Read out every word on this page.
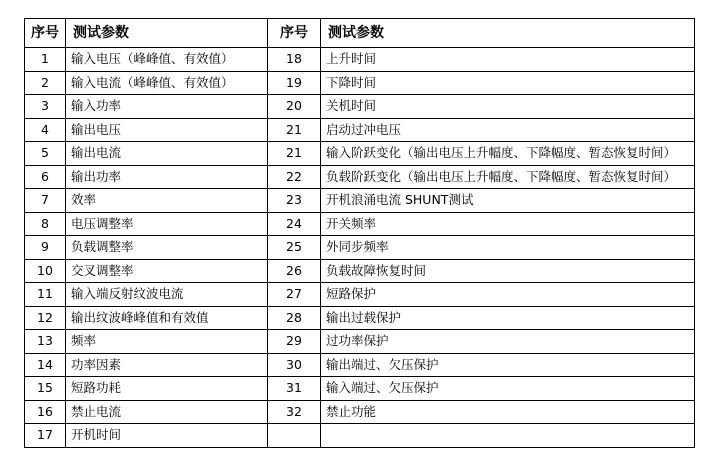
序号	测试参数	序号	测试参数
1	输入电压（峰峰值、有效值）	18	上升时间
2	输入电流（峰峰值、有效值）	19	下降时间
3	输入功率	20	关机时间
4	输出电压	21	启动过冲电压
5	输出电流	21	输入阶跃变化（输出电压上升幅度、下降幅度、暂态恢复时间）
6	输出功率	22	负载阶跃变化（输出电压上升幅度、下降幅度、暂态恢复时间）
7	效率	23	开机浪涌电流 SHUNT测试
8	电压调整率	24	开关频率
9	负载调整率	25	外同步频率
10	交叉调整率	26	负载故障恢复时间
11	输入端反射纹波电流	27	短路保护
12	输出纹波峰峰值和有效值	28	输出过载保护
13	频率	29	过功率保护
14	功率因素	30	输出端过、欠压保护
15	短路功耗	31	输入端过、欠压保护
16	禁止电流	32	禁止功能
17	开机时间		
